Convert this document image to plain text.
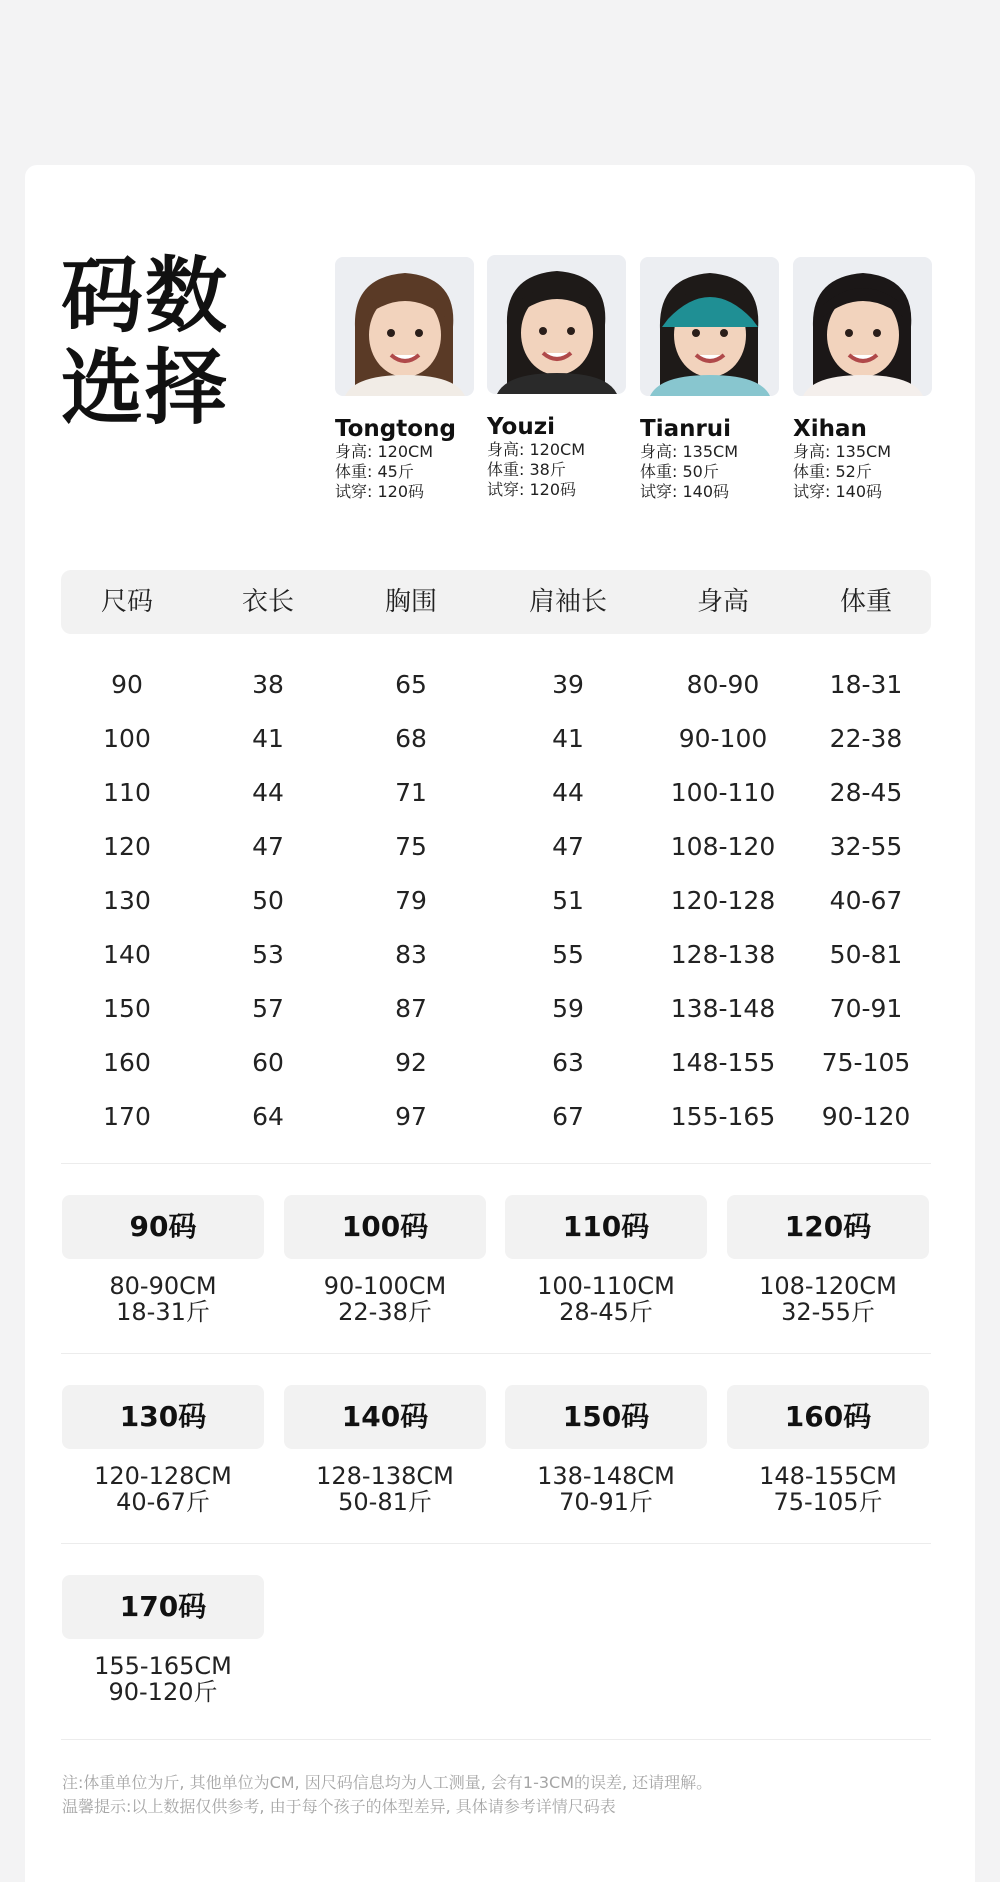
码数
选择	Tongtong
身高: 120CM
体重: 45斤
试穿: 120码
Youzi
身高: 120CM
体重: 38斤
试穿: 120码
Tianrui
身高: 135CM
体重: 50斤
试穿: 140码
Xihan
身高: 135CM
体重: 52斤
试穿: 140码
尺码	衣长	胸围	肩袖长	身高	体重
90	38	65	39	80-90	18-31
100	41	68	41	90-100	22-38
110	44	71	44	100-110	28-45
120	47	75	47	108-120	32-55
130	50	79	51	120-128	40-67
140	53	83	55	128-138	50-81
150	57	87	59	138-148	70-91
160	60	92	63	148-155	75-105
170	64	97	67	155-165	90-120
90码
80-90CM
18-31斤
100码
90-100CM
22-38斤
110码
100-110CM
28-45斤
120码
108-120CM
32-55斤
130码
120-128CM
40-67斤
140码
128-138CM
50-81斤
150码
138-148CM
70-91斤
160码
148-155CM
75-105斤
170码
155-165CM
90-120斤
注:体重单位为斤, 其他单位为CM, 因尺码信息均为人工测量, 会有1-3CM的误差, 还请理解。
温馨提示:以上数据仅供参考, 由于每个孩子的体型差异, 具体请参考详情尺码表
